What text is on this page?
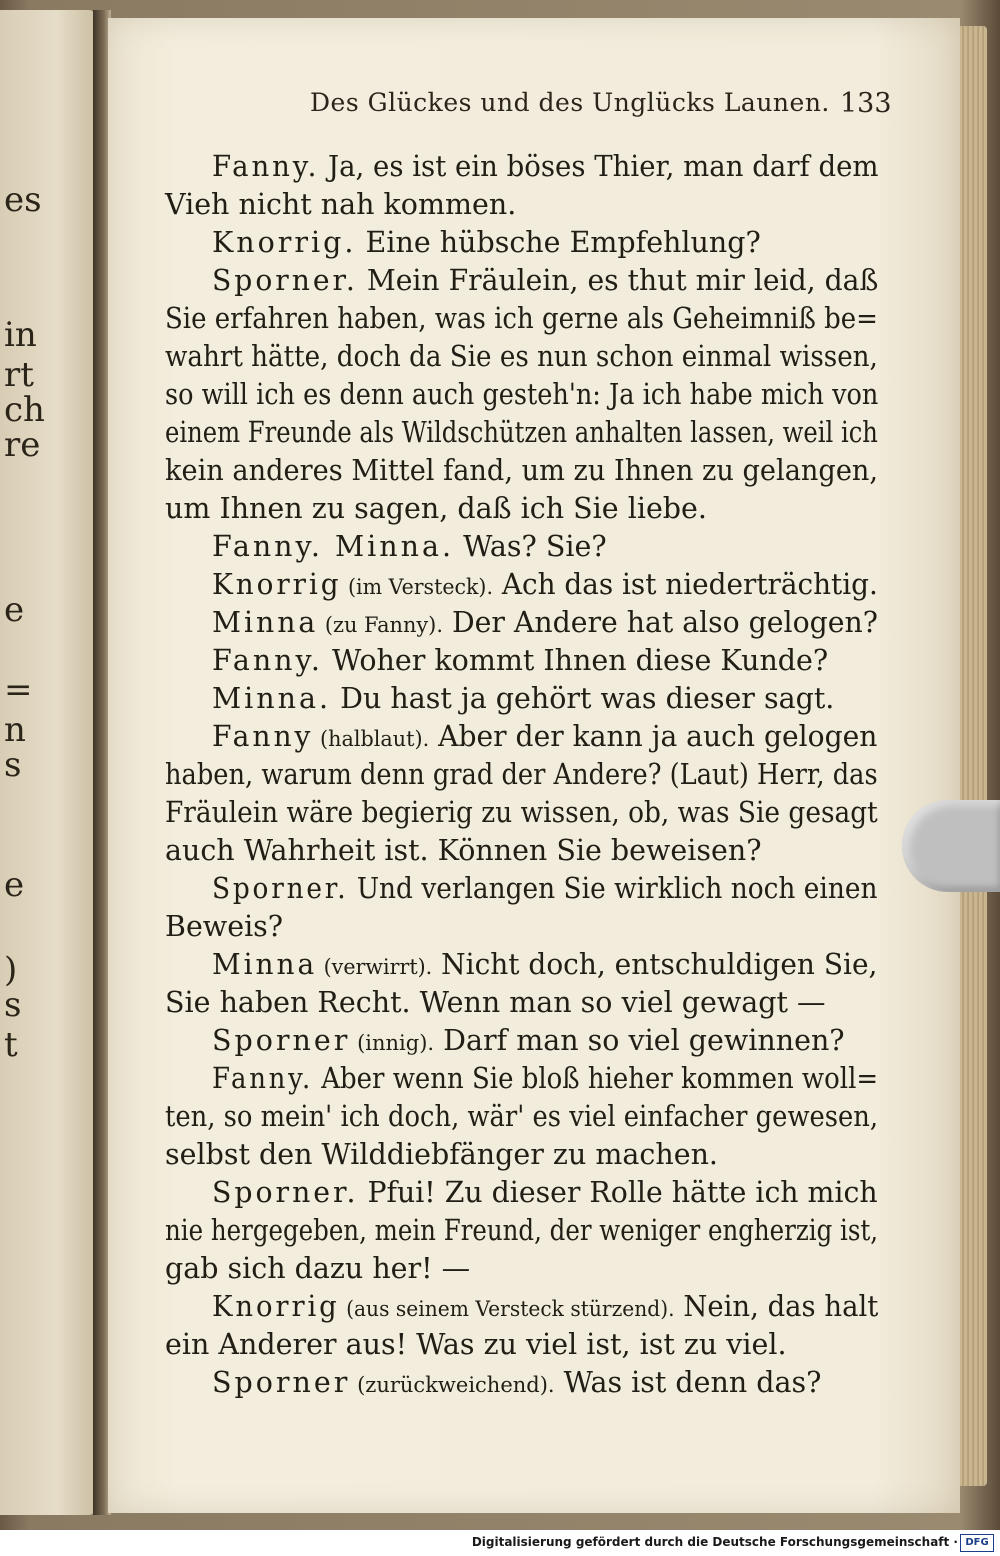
es
in
rt
ch
re
e
=
n
s
e
)
s
t
Des Glückes und des Unglücks Launen. 133
Fanny. Ja, es ist ein böses Thier, man darf dem
Vieh nicht nah kommen.
Knorrig. Eine hübsche Empfehlung?
Sporner. Mein Fräulein, es thut mir leid, daß
Sie erfahren haben, was ich gerne als Geheimniß be=
wahrt hätte, doch da Sie es nun schon einmal wissen,
so will ich es denn auch gesteh'n: Ja ich habe mich von
einem Freunde als Wildschützen anhalten lassen, weil ich
kein anderes Mittel fand, um zu Ihnen zu gelangen,
um Ihnen zu sagen, daß ich Sie liebe.
Fanny. Minna. Was? Sie?
Knorrig (im Versteck). Ach das ist niederträchtig.
Minna (zu Fanny). Der Andere hat also gelogen?
Fanny. Woher kommt Ihnen diese Kunde?
Minna. Du hast ja gehört was dieser sagt.
Fanny (halblaut). Aber der kann ja auch gelogen
haben, warum denn grad der Andere? (Laut) Herr, das
Fräulein wäre begierig zu wissen, ob, was Sie gesagt
auch Wahrheit ist. Können Sie beweisen?
Sporner. Und verlangen Sie wirklich noch einen
Beweis?
Minna (verwirrt). Nicht doch, entschuldigen Sie,
Sie haben Recht. Wenn man so viel gewagt —
Sporner (innig). Darf man so viel gewinnen?
Fanny. Aber wenn Sie bloß hieher kommen woll=
ten, so mein' ich doch, wär' es viel einfacher gewesen,
selbst den Wilddiebfänger zu machen.
Sporner. Pfui! Zu dieser Rolle hätte ich mich
nie hergegeben, mein Freund, der weniger engherzig ist,
gab sich dazu her! —
Knorrig (aus seinem Versteck stürzend). Nein, das halt
ein Anderer aus! Was zu viel ist, ist zu viel.
Sporner (zurückweichend). Was ist denn das?
Digitalisierung gefördert durch die Deutsche Forschungsgemeinschaft · DFG
